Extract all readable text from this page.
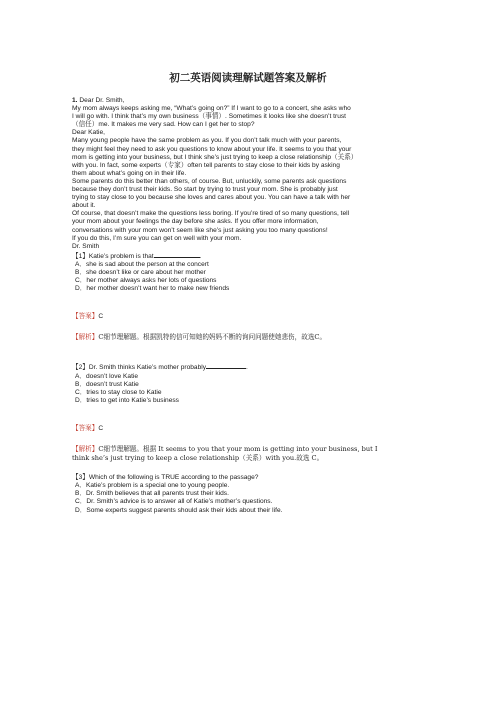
初二英语阅读理解试题答案及解析

1. Dear Dr. Smith,

My mom always keeps asking me, “What’s going on?” If I want to go to a concert, she asks who

I will go with. I think that’s my own business（事情）. Sometimes it looks like she doesn’t trust

（信任）me. It makes me very sad. How can I get her to stop?

Dear Katie,

Many young people have the same problem as you. If you don’t talk much with your parents,

they might feel they need to ask you questions to know about your life. It seems to you that your

mom is getting into your business, but I think she’s just trying to keep a close relationship（关系）

with you. In fact, some experts（专家）often tell parents to stay close to their kids by asking

them about what’s going on in their life.

Some parents do this better than others, of course. But, unluckily, some parents ask questions

because they don’t trust their kids. So start by trying to trust your mom. She is probably just

trying to stay close to you because she loves and cares about you. You can have a talk with her

about it.

Of course, that doesn’t make the questions less boring. If you’re tired of so many questions, tell

your mom about your feelings the day before she asks. If you offer more information,

conversations with your mom won’t seem like she’s just asking you too many questions!

If you do this, I’m sure you can get on well with your mom.

Dr. Smith

【1】Katie’s problem is that	.

A．she is sad about the person at the concert

B．she doesn’t like or care about her mother

C．her mother always asks her lots of questions

D．her mother doesn’t want her to make new friends

【答案】C

【解析】C细节理解题。根据凯特的信可知她的妈妈不断的询问问题使她悲伤，故选C。

【2】Dr. Smith thinks Katie’s mother probably	.

A．doesn’t love Katie

B．doesn’t trust Katie

C．tries to stay close to Katie

D．tries to get into Katie’s business

【答案】C

【解析】C细节理解题。根据 It seems to you that your mom is getting into your business, but I

think she’s just trying to keep a close relationship（关系）with you.故选 C。

【3】Which of the following is TRUE according to the passage?

A．Katie’s problem is a special one to young people.

B．Dr. Smith believes that all parents trust their kids.

C．Dr. Smith’s advice is to answer all of Katie’s mother’s questions.

D．Some experts suggest parents should ask their kids about their life.
